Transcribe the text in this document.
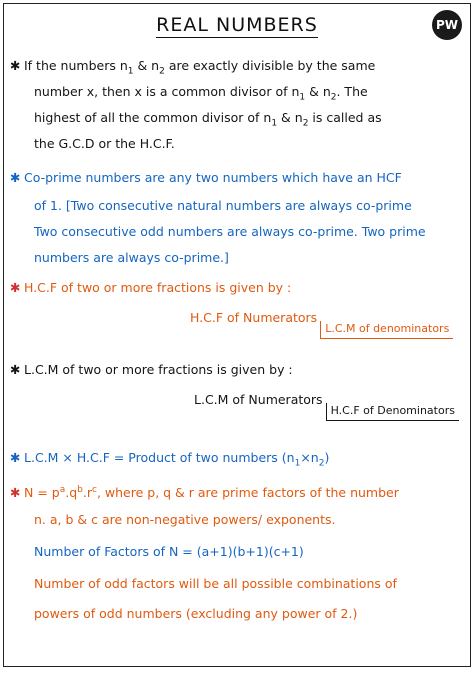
REAL NUMBERS	PW
✱ If the numbers $n_1$ & $n_2$ are exactly divisible by the same
number x, then x is a common divisor of $n_1$ & $n_2$. The
highest of all the common divisor of $n_1$ & $n_2$ is called as
the G.C.D or the H.C.F.
✱ Co-prime numbers are any two numbers which have an HCF
of 1. [Two consecutive natural numbers are always co-prime
Two consecutive odd numbers are always co-prime. Two prime
numbers are always co-prime.]
✱ H.C.F of two or more fractions is given by :
H.C.F of NumeratorsL.C.M of denominators
✱ L.C.M of two or more fractions is given by :
L.C.M of NumeratorsH.C.F of Denominators
✱ L.C.M × H.C.F = Product of two numbers $(n_1\times n_2)$
✱ $N = p^a.q^b.r^c$, where p, q & r are prime factors of the number
n. a, b & c are non-negative powers/ exponents.
Number of Factors of N = (a+1)(b+1)(c+1)
Number of odd factors will be all possible combinations of
powers of odd numbers (excluding any power of 2.)
